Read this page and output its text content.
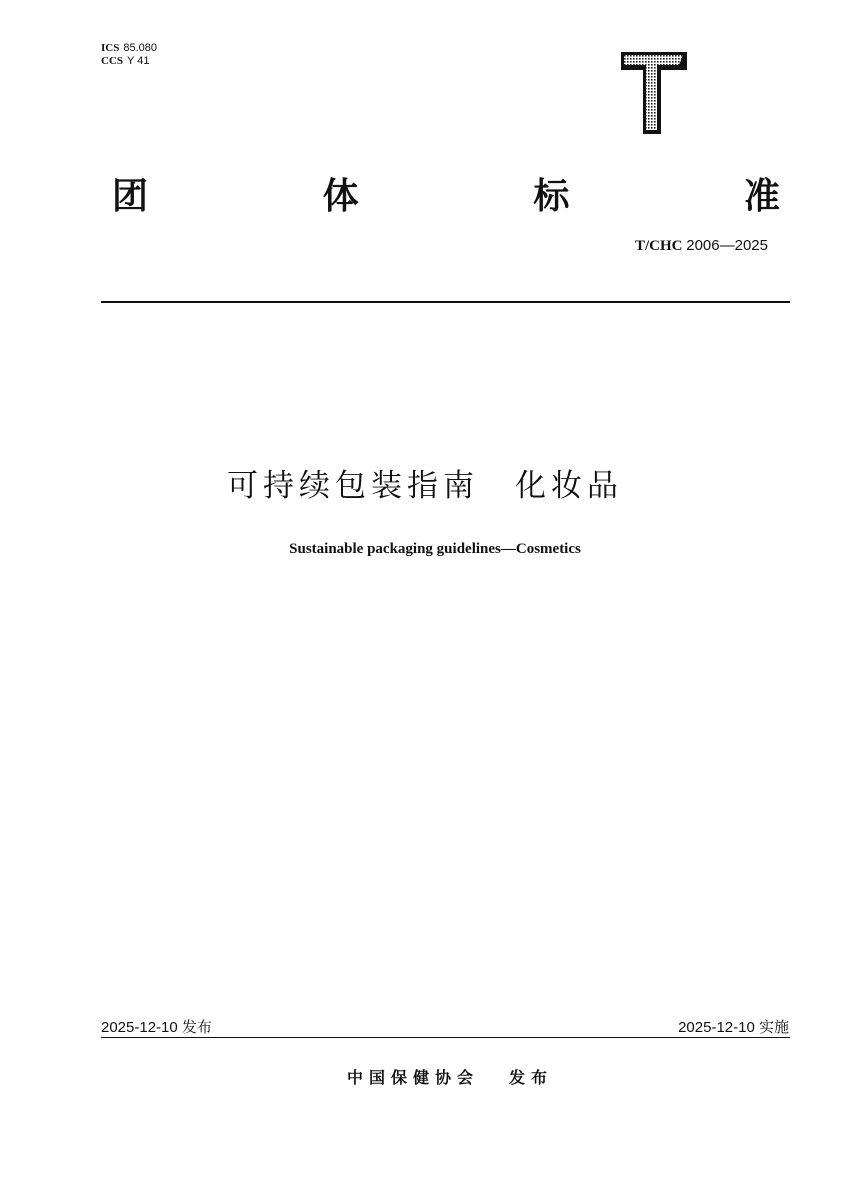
ICS 85.080
CCS Y 41
团	体	标	准
T/CHC 2006—2025
可持续包装指南　化妆品
Sustainable packaging guidelines—Cosmetics
2025-12-10 发布	2025-12-10 实施
中国保健协会 发布
